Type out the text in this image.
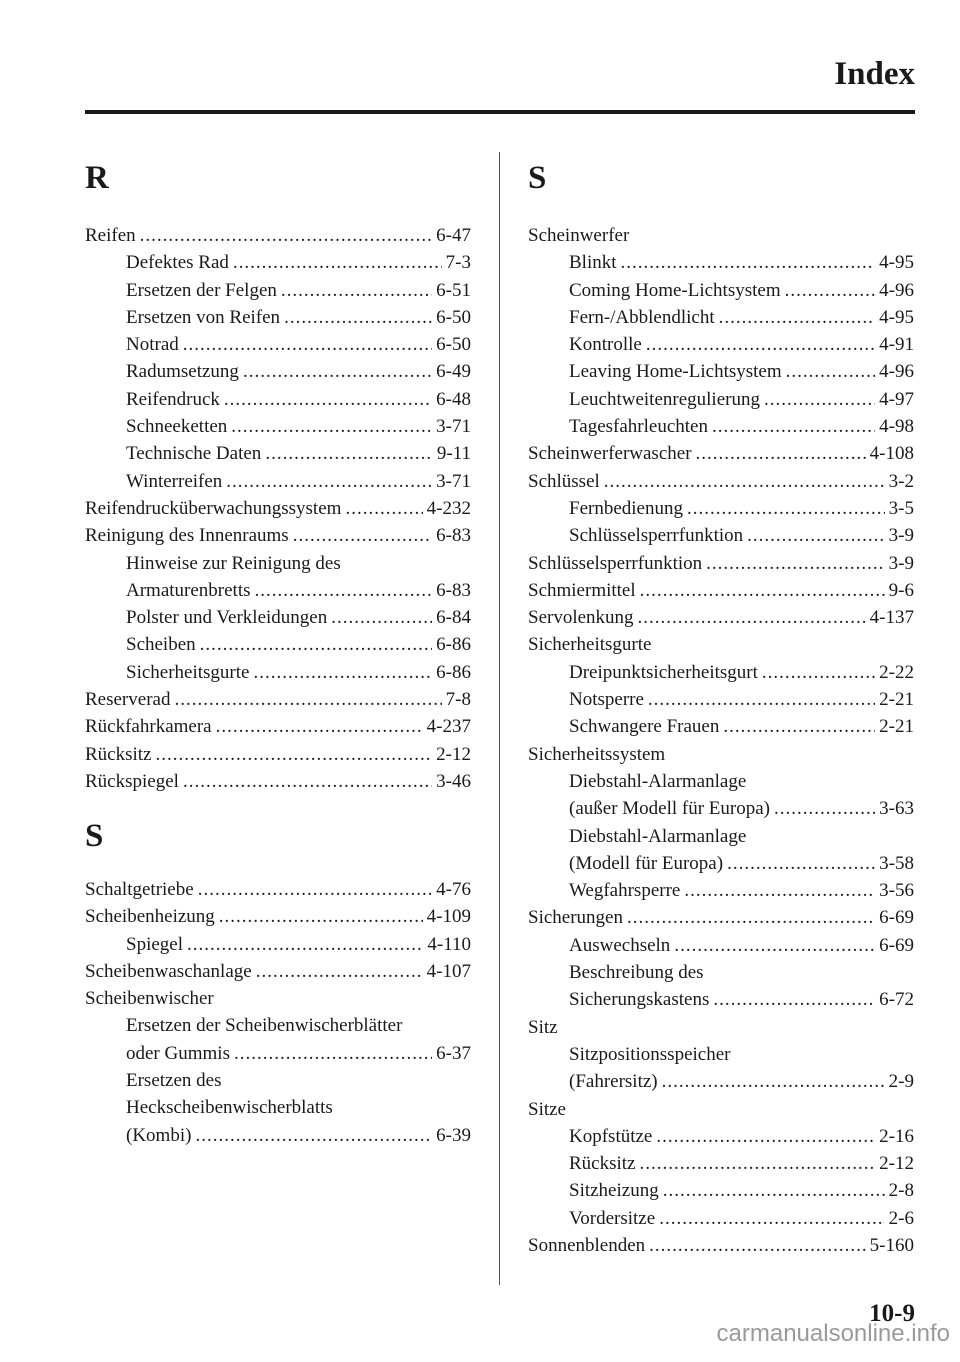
Index
R
Reifen .....	6-47
Defektes Rad .....	7-3
Ersetzen der Felgen .....	6-51
Ersetzen von Reifen .....	6-50
Notrad .....	6-50
Radumsetzung .....	6-49
Reifendruck .....	6-48
Schneeketten .....	3-71
Technische Daten .....	9-11
Winterreifen .....	3-71
Reifendrucküberwachungssystem .....	4-232
Reinigung des Innenraums .....	6-83
Hinweise zur Reinigung des
Armaturenbretts .....	6-83
Polster und Verkleidungen .....	6-84
Scheiben .....	6-86
Sicherheitsgurte .....	6-86
Reserverad .....	7-8
Rückfahrkamera .....	4-237
Rücksitz .....	2-12
Rückspiegel .....	3-46
S
Schaltgetriebe .....	4-76
Scheibenheizung .....	4-109
Spiegel .....	4-110
Scheibenwaschanlage .....	4-107
Scheibenwischer
Ersetzen der Scheibenwischerblätter
oder Gummis .....	6-37
Ersetzen des
Heckscheibenwischerblatts
(Kombi) .....	6-39
S
Scheinwerfer
Blinkt .....	4-95
Coming Home-Lichtsystem .....	4-96
Fern-/Abblendlicht .....	4-95
Kontrolle .....	4-91
Leaving Home-Lichtsystem .....	4-96
Leuchtweitenregulierung .....	4-97
Tagesfahrleuchten .....	4-98
Scheinwerferwascher .....	4-108
Schlüssel .....	3-2
Fernbedienung .....	3-5
Schlüsselsperrfunktion .....	3-9
Schlüsselsperrfunktion .....	3-9
Schmiermittel .....	9-6
Servolenkung .....	4-137
Sicherheitsgurte
Dreipunktsicherheitsgurt .....	2-22
Notsperre .....	2-21
Schwangere Frauen .....	2-21
Sicherheitssystem
Diebstahl-Alarmanlage
(außer Modell für Europa) .....	3-63
Diebstahl-Alarmanlage
(Modell für Europa) .....	3-58
Wegfahrsperre .....	3-56
Sicherungen .....	6-69
Auswechseln .....	6-69
Beschreibung des
Sicherungskastens .....	6-72
Sitz
Sitzpositionsspeicher
(Fahrersitz) .....	2-9
Sitze
Kopfstütze .....	2-16
Rücksitz .....	2-12
Sitzheizung .....	2-8
Vordersitze .....	2-6
Sonnenblenden .....	5-160
10-9
carmanualsonline.info
